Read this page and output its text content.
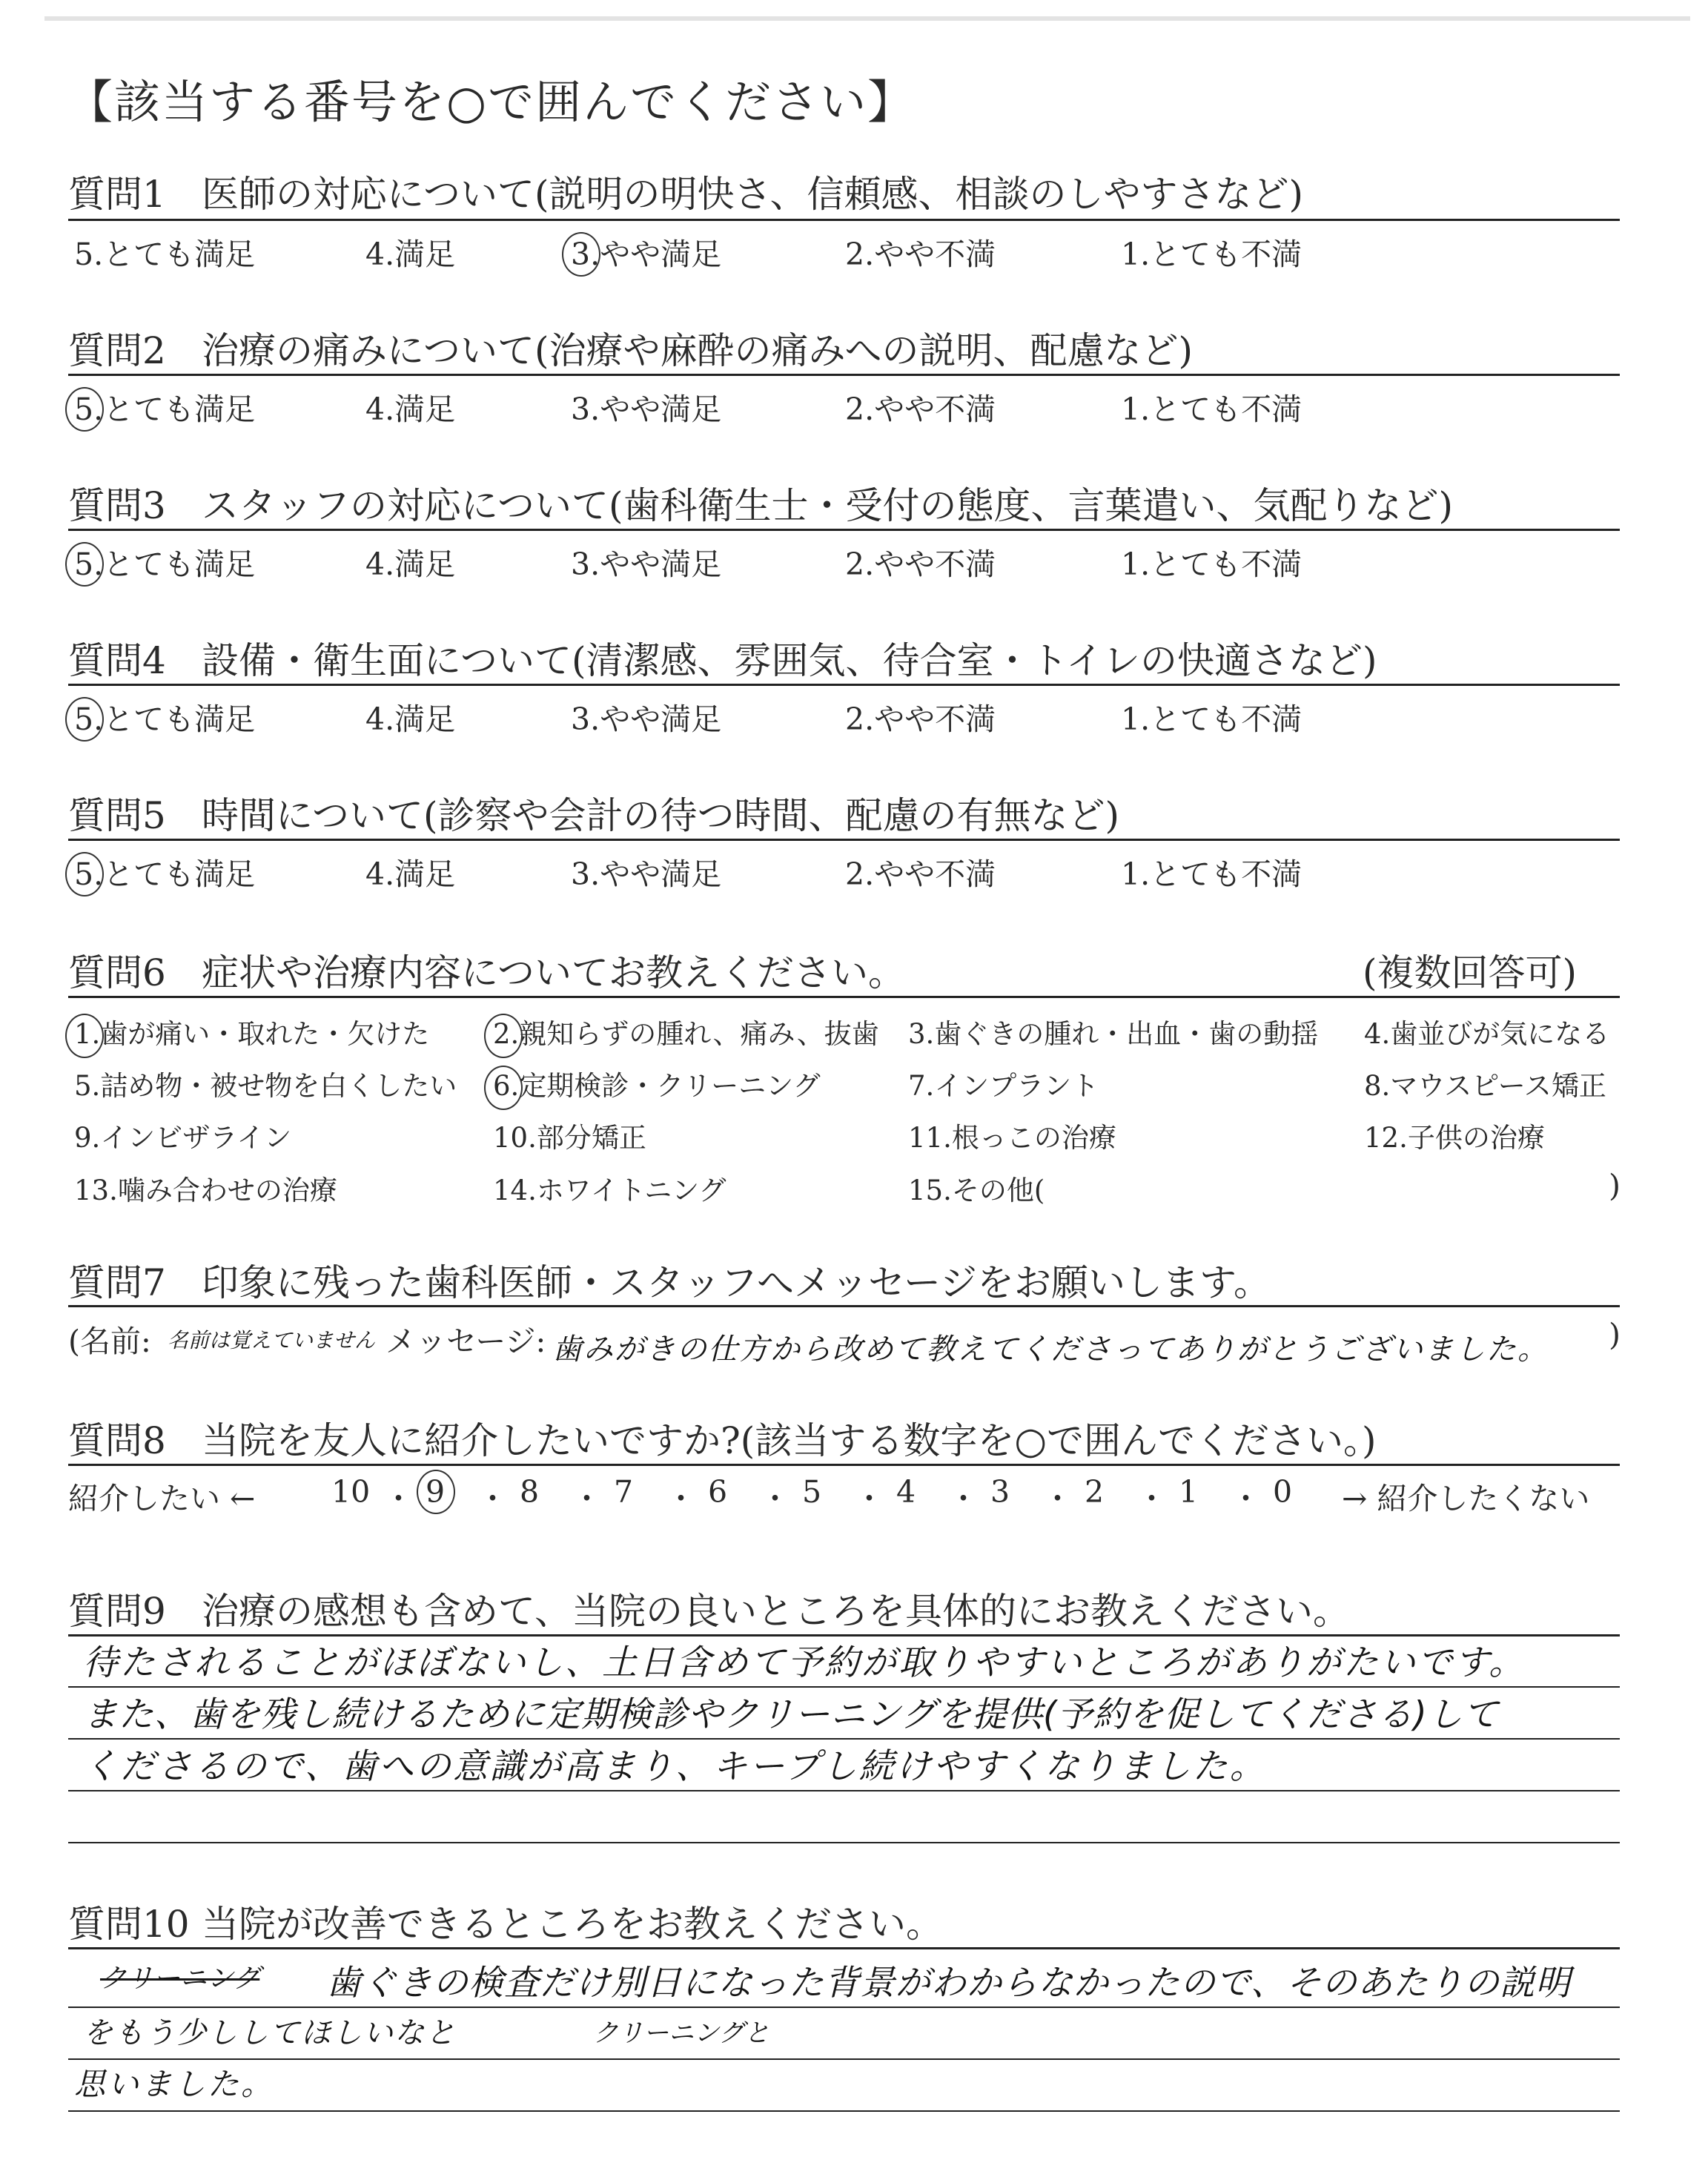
【該当する番号を○で囲んでください】
質問1 医師の対応について(説明の明快さ、信頼感、相談のしやすさなど)
質問2 治療の痛みについて(治療や麻酔の痛みへの説明、配慮など)
質問3 スタッフの対応について(歯科衛生士・受付の態度、言葉遣い、気配りなど)
質問4 設備・衛生面について(清潔感、雰囲気、待合室・トイレの快適さなど)
質問5 時間について(診察や会計の待つ時間、配慮の有無など)
質問6 症状や治療内容についてお教えください。	(複数回答可)
)
質問7 印象に残った歯科医師・スタッフへメッセージをお願いします。
(名前: 名前は覚えていません メッセージ: 歯みがきの仕方から改めて教えてくださってありがとうございました。 )
質問8 当院を友人に紹介したいですか?(該当する数字を○で囲んでください。)
紹介したい ←	→ 紹介したくない
10 ・ 9 ・ 8 ・ 7 ・ 6 ・ 5 ・ 4 ・ 3 ・ 2 ・ 1 ・ 0
質問9 治療の感想も含めて、当院の良いところを具体的にお教えください。
待たされることがほぼないし、土日含めて予約が取りやすいところがありがたいです。
また、歯を残し続けるために定期検診やクリーニングを提供(予約を促してくださる)して
くださるので、歯への意識が高まり、キープし続けやすくなりました。
質問10 当院が改善できるところをお教えください。
クリーニング 歯ぐきの検査だけ別日になった背景がわからなかったので、そのあたりの説明
をもう少ししてほしいなと	クリーニングと
思いました。
5.とても満足	4.満足	3.やや満足	2.やや不満	1.とても不満
5.とても満足	4.満足	3.やや満足	2.やや不満	1.とても不満
5.とても満足	4.満足	3.やや満足	2.やや不満	1.とても不満
5.とても満足	4.満足	3.やや満足	2.やや不満	1.とても不満
5.とても満足	4.満足	3.やや満足	2.やや不満	1.とても不満
1.歯が痛い・取れた・欠けた 2.親知らずの腫れ、痛み、抜歯 3.歯ぐきの腫れ・出血・歯の動揺 4.歯並びが気になる
5.詰め物・被せ物を白くしたい 6.定期検診・クリーニング	7.インプラント	8.マウスピース矯正
9.インビザライン	10.部分矯正	11.根っこの治療	12.子供の治療
13.噛み合わせの治療	14.ホワイトニング	15.その他(
